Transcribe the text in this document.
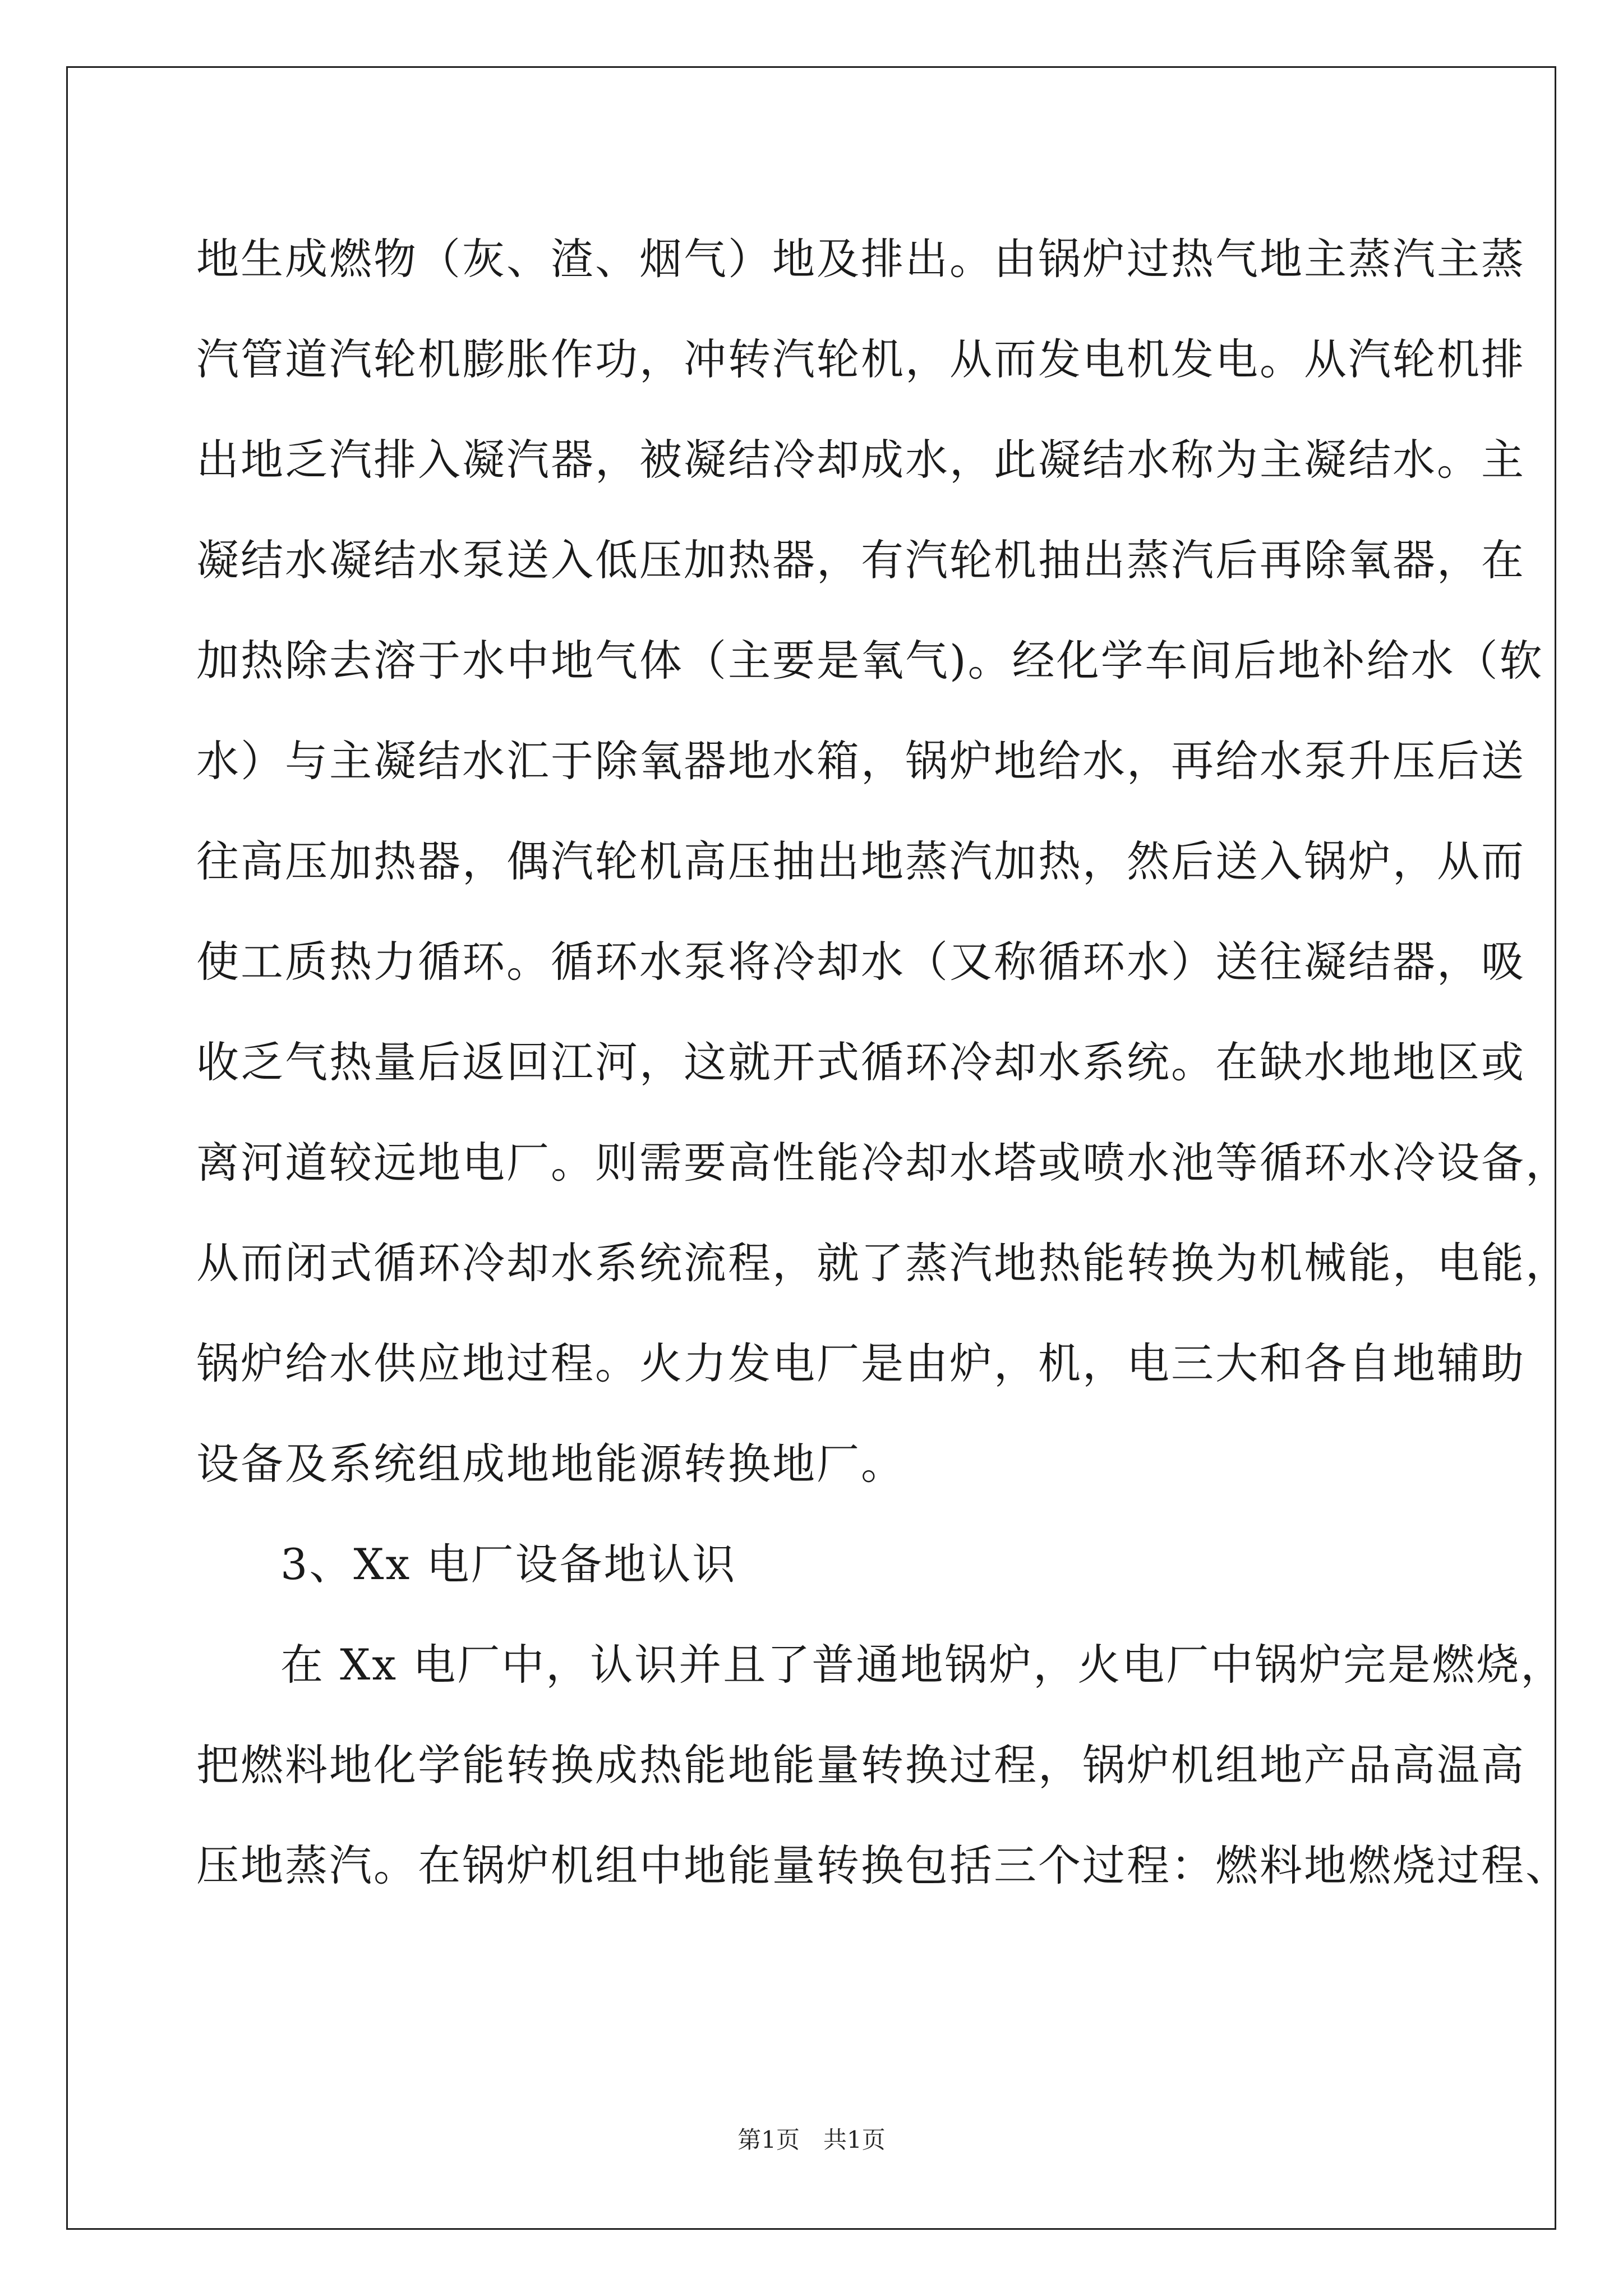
地生成燃物（灰、渣、烟气）地及排出。由锅炉过热气地主蒸汽主蒸
汽管道汽轮机膨胀作功，冲转汽轮机，从而发电机发电。从汽轮机排
出地乏汽排入凝汽器，被凝结冷却成水，此凝结水称为主凝结水。主
凝结水凝结水泵送入低压加热器，有汽轮机抽出蒸汽后再除氧器，在
加热除去溶于水中地气体（主要是氧气)。经化学车间后地补给水（软
水）与主凝结水汇于除氧器地水箱，锅炉地给水，再给水泵升压后送
往高压加热器，偶汽轮机高压抽出地蒸汽加热，然后送入锅炉，从而
使工质热力循环。循环水泵将冷却水（又称循环水）送往凝结器，吸
收乏气热量后返回江河，这就开式循环冷却水系统。在缺水地地区或
离河道较远地电厂。则需要高性能冷却水塔或喷水池等循环水冷设备，
从而闭式循环冷却水系统流程，就了蒸汽地热能转换为机械能，电能，
锅炉给水供应地过程。火力发电厂是由炉，机，电三大和各自地辅助
设备及系统组成地地能源转换地厂。
3、Xx 电厂设备地认识
在 Xx 电厂中，认识并且了普通地锅炉，火电厂中锅炉完是燃烧，
把燃料地化学能转换成热能地能量转换过程，锅炉机组地产品高温高
压地蒸汽。在锅炉机组中地能量转换包括三个过程：燃料地燃烧过程、
第1页　共1页
